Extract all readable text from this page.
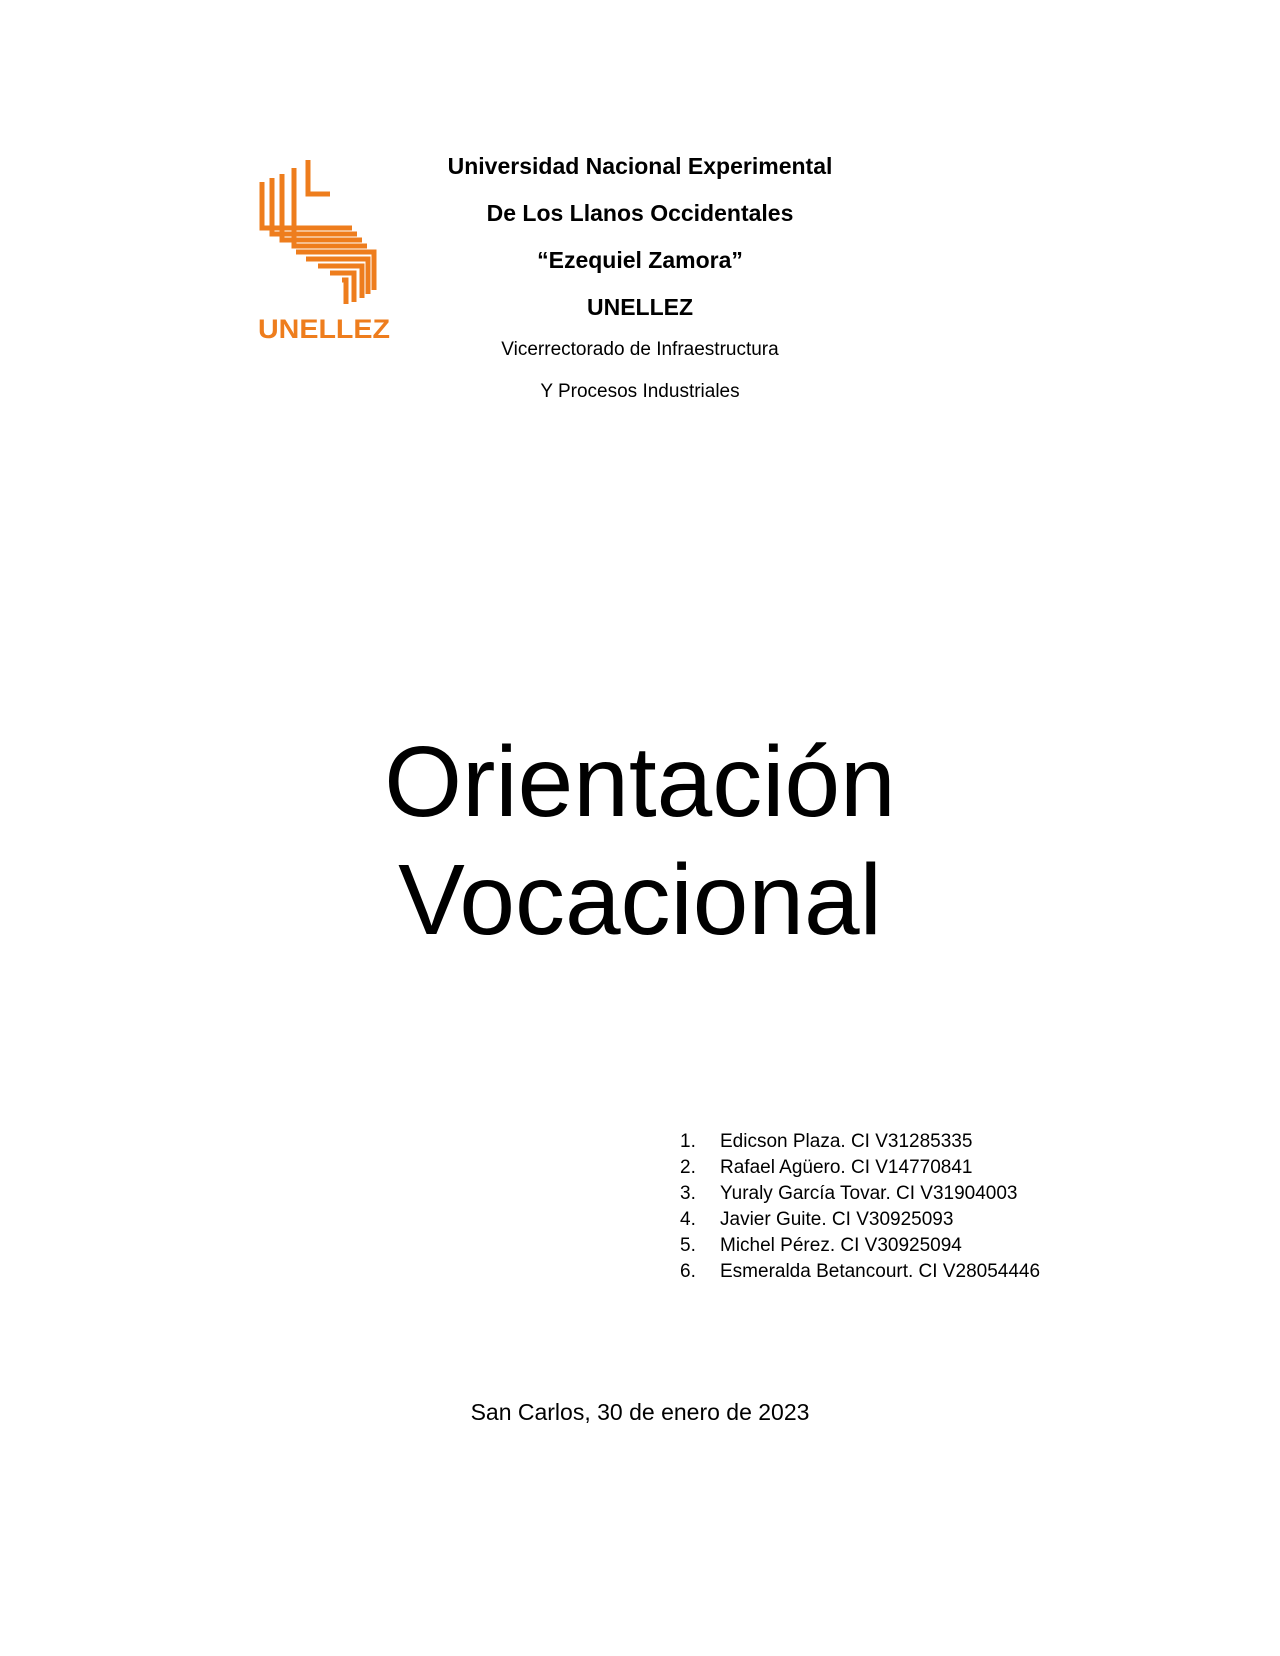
UNELLEZ
Universidad Nacional Experimental
De Los Llanos Occidentales
“Ezequiel Zamora”
UNELLEZ
Vicerrectorado de Infraestructura
Y Procesos Industriales
Orientación
Vocacional
1.	Edicson Plaza. CI V31285335
2.	Rafael Agüero. CI V14770841
3.	Yuraly García Tovar. CI V31904003
4.	Javier Guite. CI V30925093
5.	Michel Pérez. CI V30925094
6.	Esmeralda Betancourt. CI V28054446
San Carlos, 30 de enero de 2023
